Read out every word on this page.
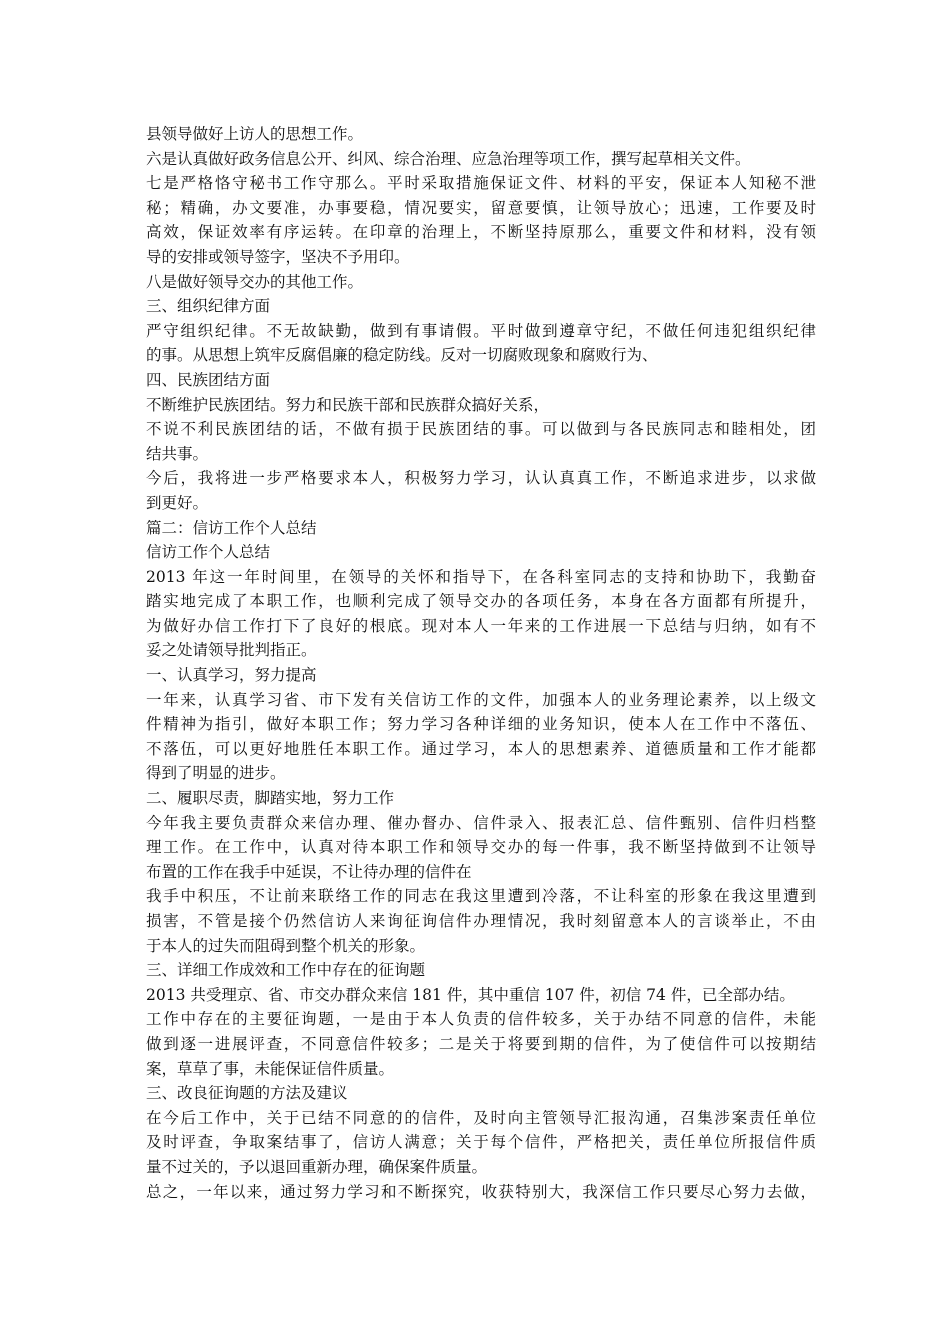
县领导做好上访人的思想工作。
六是认真做好政务信息公开、纠风、综合治理、应急治理等项工作，撰写起草相关文件。
七是严格恪守秘书工作守那么。平时采取措施保证文件、材料的平安，保证本人知秘不泄
秘；精确，办文要准，办事要稳，情况要实，留意要慎，让领导放心；迅速，工作要及时
高效，保证效率有序运转。在印章的治理上，不断坚持原那么，重要文件和材料，没有领
导的安排或领导签字，坚决不予用印。
八是做好领导交办的其他工作。
三、组织纪律方面
严守组织纪律。不无故缺勤，做到有事请假。平时做到遵章守纪，不做任何违犯组织纪律
的事。从思想上筑牢反腐倡廉的稳定防线。反对一切腐败现象和腐败行为、
四、民族团结方面
不断维护民族团结。努力和民族干部和民族群众搞好关系，
不说不利民族团结的话，不做有损于民族团结的事。可以做到与各民族同志和睦相处，团
结共事。
今后，我将进一步严格要求本人，积极努力学习，认认真真工作，不断追求进步，以求做
到更好。
篇二：信访工作个人总结
信访工作个人总结
2013 年这一年时间里，在领导的关怀和指导下，在各科室同志的支持和协助下，我勤奋
踏实地完成了本职工作，也顺利完成了领导交办的各项任务，本身在各方面都有所提升，
为做好办信工作打下了良好的根底。现对本人一年来的工作进展一下总结与归纳，如有不
妥之处请领导批判指正。
一、认真学习，努力提高
一年来，认真学习省、市下发有关信访工作的文件，加强本人的业务理论素养，以上级文
件精神为指引，做好本职工作；努力学习各种详细的业务知识，使本人在工作中不落伍、
不落伍，可以更好地胜任本职工作。通过学习，本人的思想素养、道德质量和工作才能都
得到了明显的进步。
二、履职尽责，脚踏实地，努力工作
今年我主要负责群众来信办理、催办督办、信件录入、报表汇总、信件甄别、信件归档整
理工作。在工作中，认真对待本职工作和领导交办的每一件事，我不断坚持做到不让领导
布置的工作在我手中延误，不让待办理的信件在
我手中积压，不让前来联络工作的同志在我这里遭到冷落，不让科室的形象在我这里遭到
损害，不管是接个仍然信访人来询征询信件办理情况，我时刻留意本人的言谈举止，不由
于本人的过失而阻碍到整个机关的形象。
三、详细工作成效和工作中存在的征询题
2013 共受理京、省、市交办群众来信 181 件，其中重信 107 件，初信 74 件，已全部办结。
工作中存在的主要征询题，一是由于本人负责的信件较多，关于办结不同意的信件，未能
做到逐一进展评查，不同意信件较多；二是关于将要到期的信件，为了使信件可以按期结
案，草草了事，未能保证信件质量。
三、改良征询题的方法及建议
在今后工作中，关于已结不同意的的信件，及时向主管领导汇报沟通，召集涉案责任单位
及时评查，争取案结事了，信访人满意；关于每个信件，严格把关，责任单位所报信件质
量不过关的，予以退回重新办理，确保案件质量。
总之，一年以来，通过努力学习和不断探究，收获特别大，我深信工作只要尽心努力去做，
